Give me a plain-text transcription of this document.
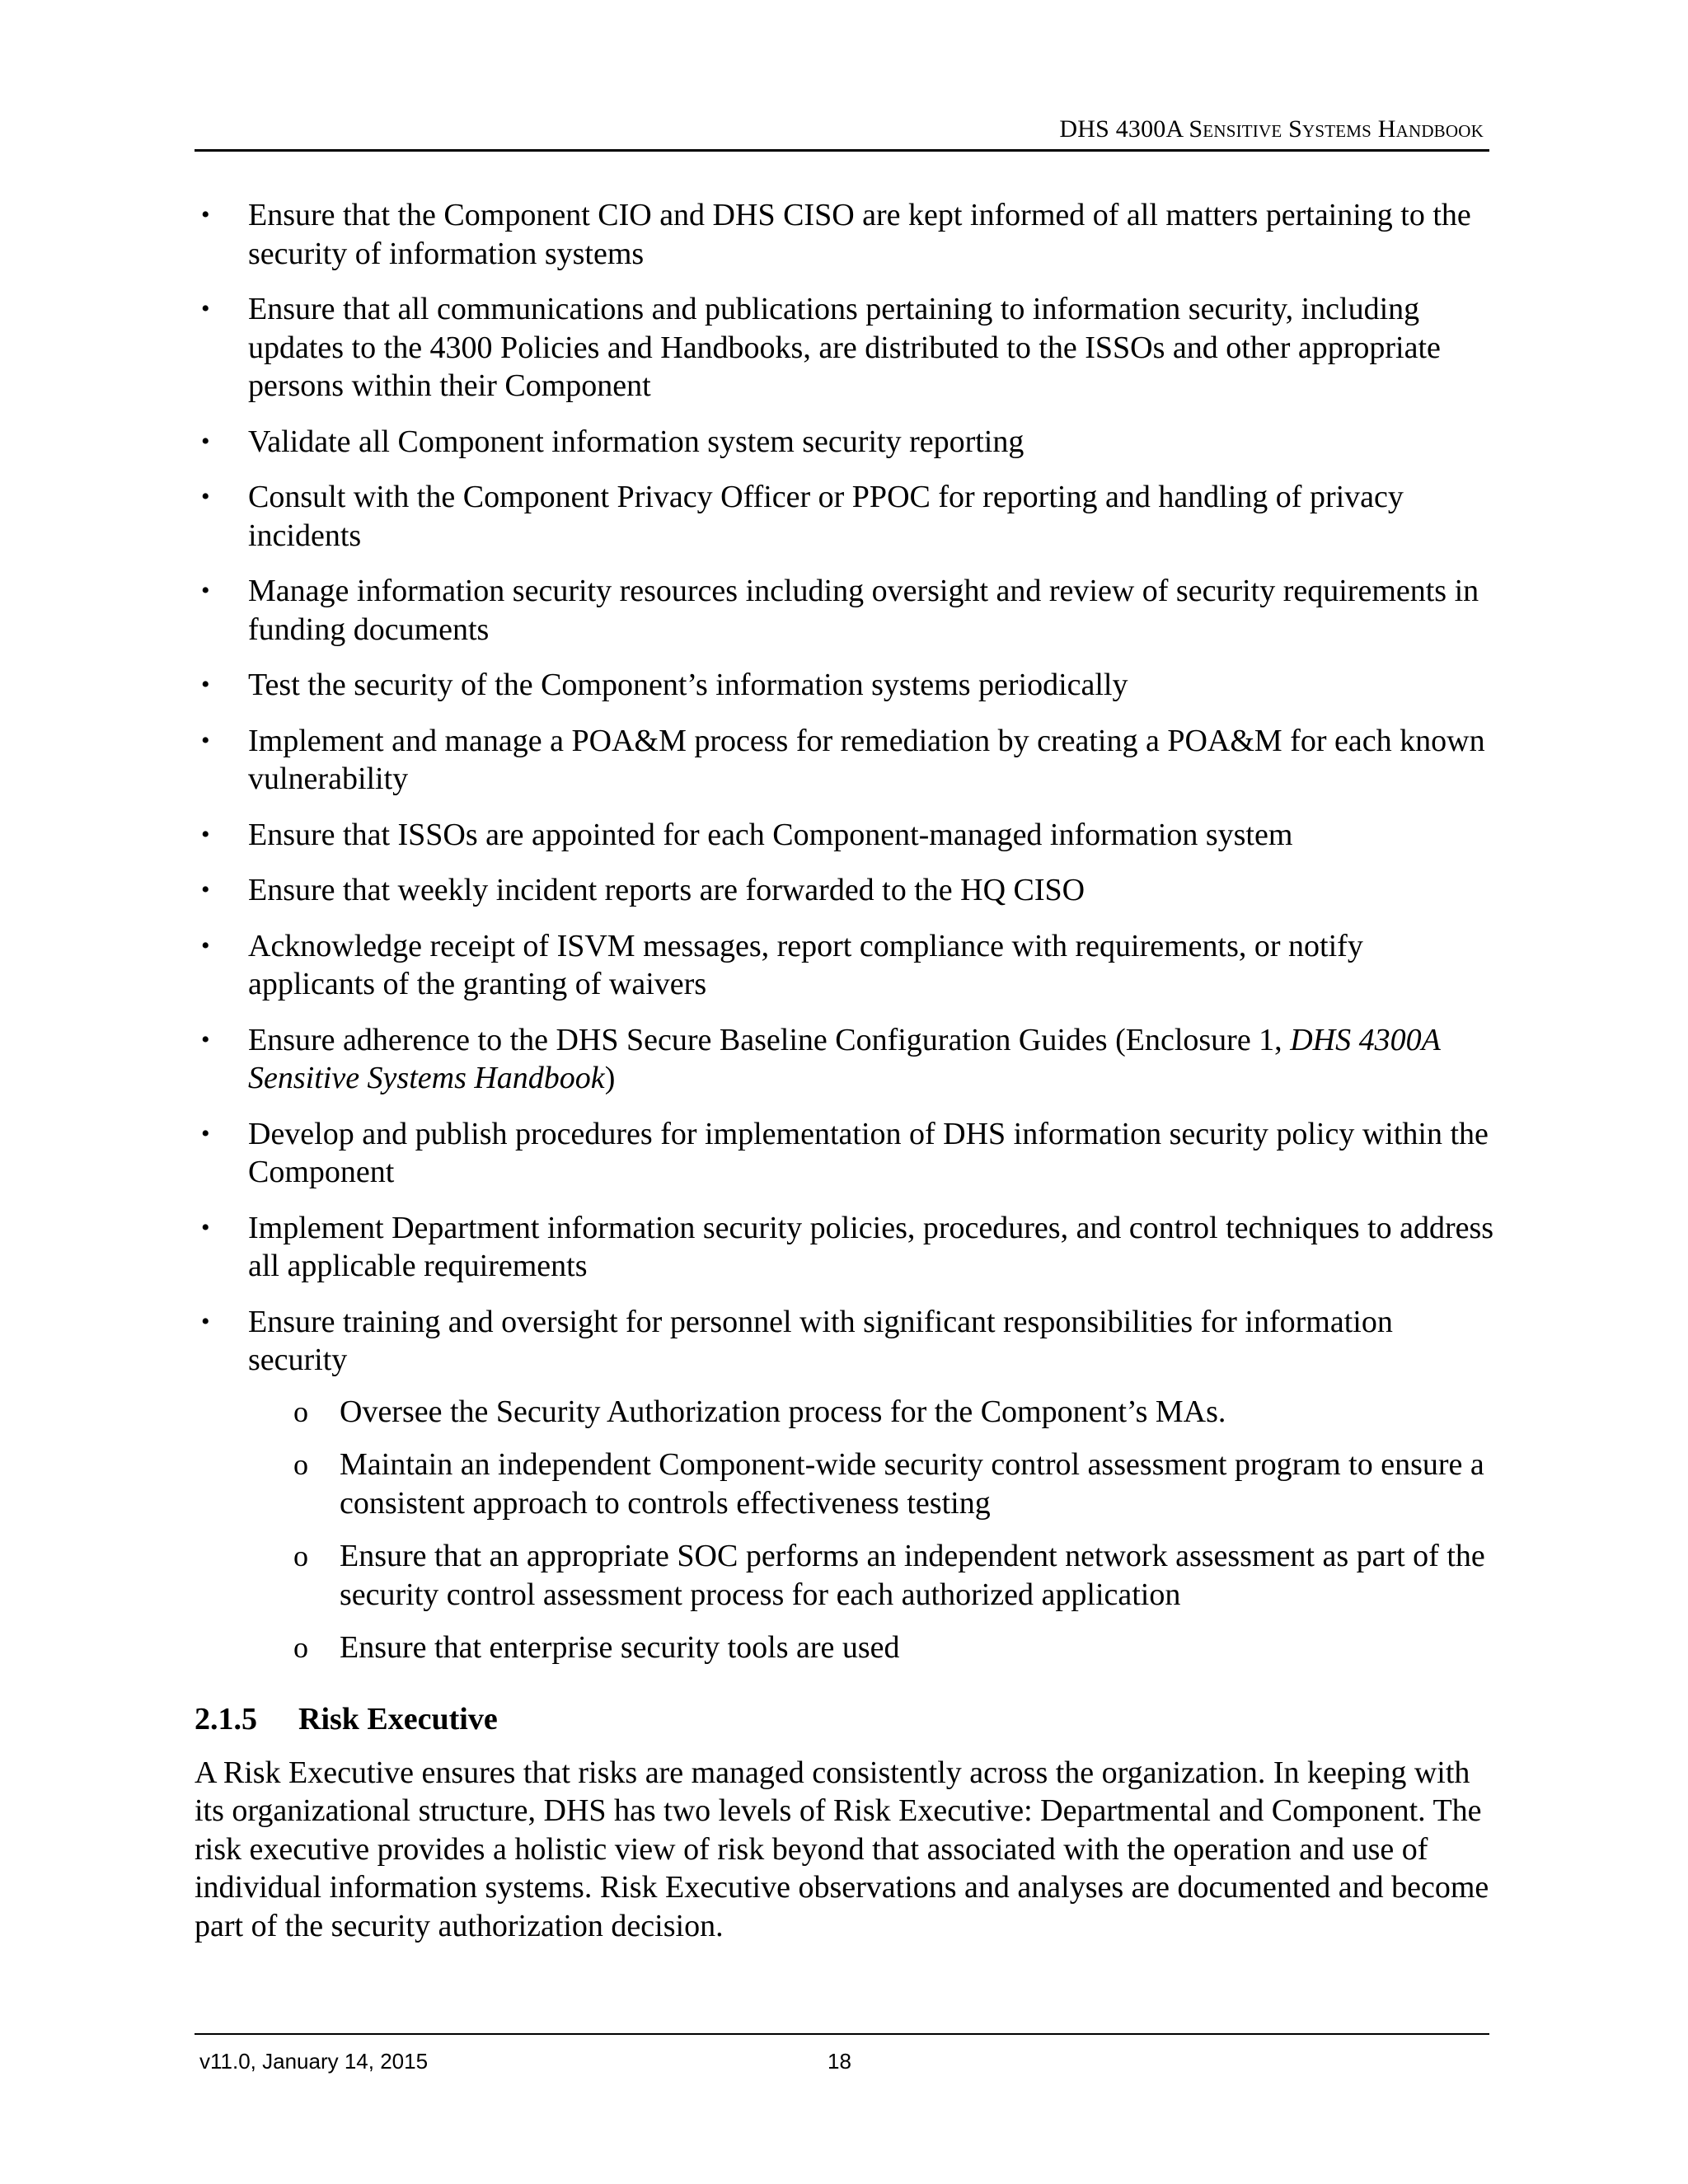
DHS 4300A Sensitive Systems Handbook
• Ensure that the Component CIO and DHS CISO are kept informed of all matters pertaining to the security of information systems
• Ensure that all communications and publications pertaining to information security, including updates to the 4300 Policies and Handbooks, are distributed to the ISSOs and other appropriate persons within their Component
• Validate all Component information system security reporting
• Consult with the Component Privacy Officer or PPOC for reporting and handling of privacy incidents
• Manage information security resources including oversight and review of security requirements in funding documents
• Test the security of the Component’s information systems periodically
• Implement and manage a POA&M process for remediation by creating a POA&M for each known vulnerability
• Ensure that ISSOs are appointed for each Component-managed information system
• Ensure that weekly incident reports are forwarded to the HQ CISO
• Acknowledge receipt of ISVM messages, report compliance with requirements, or notify applicants of the granting of waivers
• Ensure adherence to the DHS Secure Baseline Configuration Guides (Enclosure 1, DHS 4300A Sensitive Systems Handbook)
• Develop and publish procedures for implementation of DHS information security policy within the Component
• Implement Department information security policies, procedures, and control techniques to address all applicable requirements
• Ensure training and oversight for personnel with significant responsibilities for information security
o Oversee the Security Authorization process for the Component’s MAs.
o Maintain an independent Component-wide security control assessment program to ensure a consistent approach to controls effectiveness testing
o Ensure that an appropriate SOC performs an independent network assessment as part of the security control assessment process for each authorized application
o Ensure that enterprise security tools are used
2.1.5 Risk Executive

A Risk Executive ensures that risks are managed consistently across the organization. In keeping with its organizational structure, DHS has two levels of Risk Executive: Departmental and Component. The risk executive provides a holistic view of risk beyond that associated with the operation and use of individual information systems. Risk Executive observations and analyses are documented and become part of the security authorization decision.

v11.0, January 14, 2015	18
